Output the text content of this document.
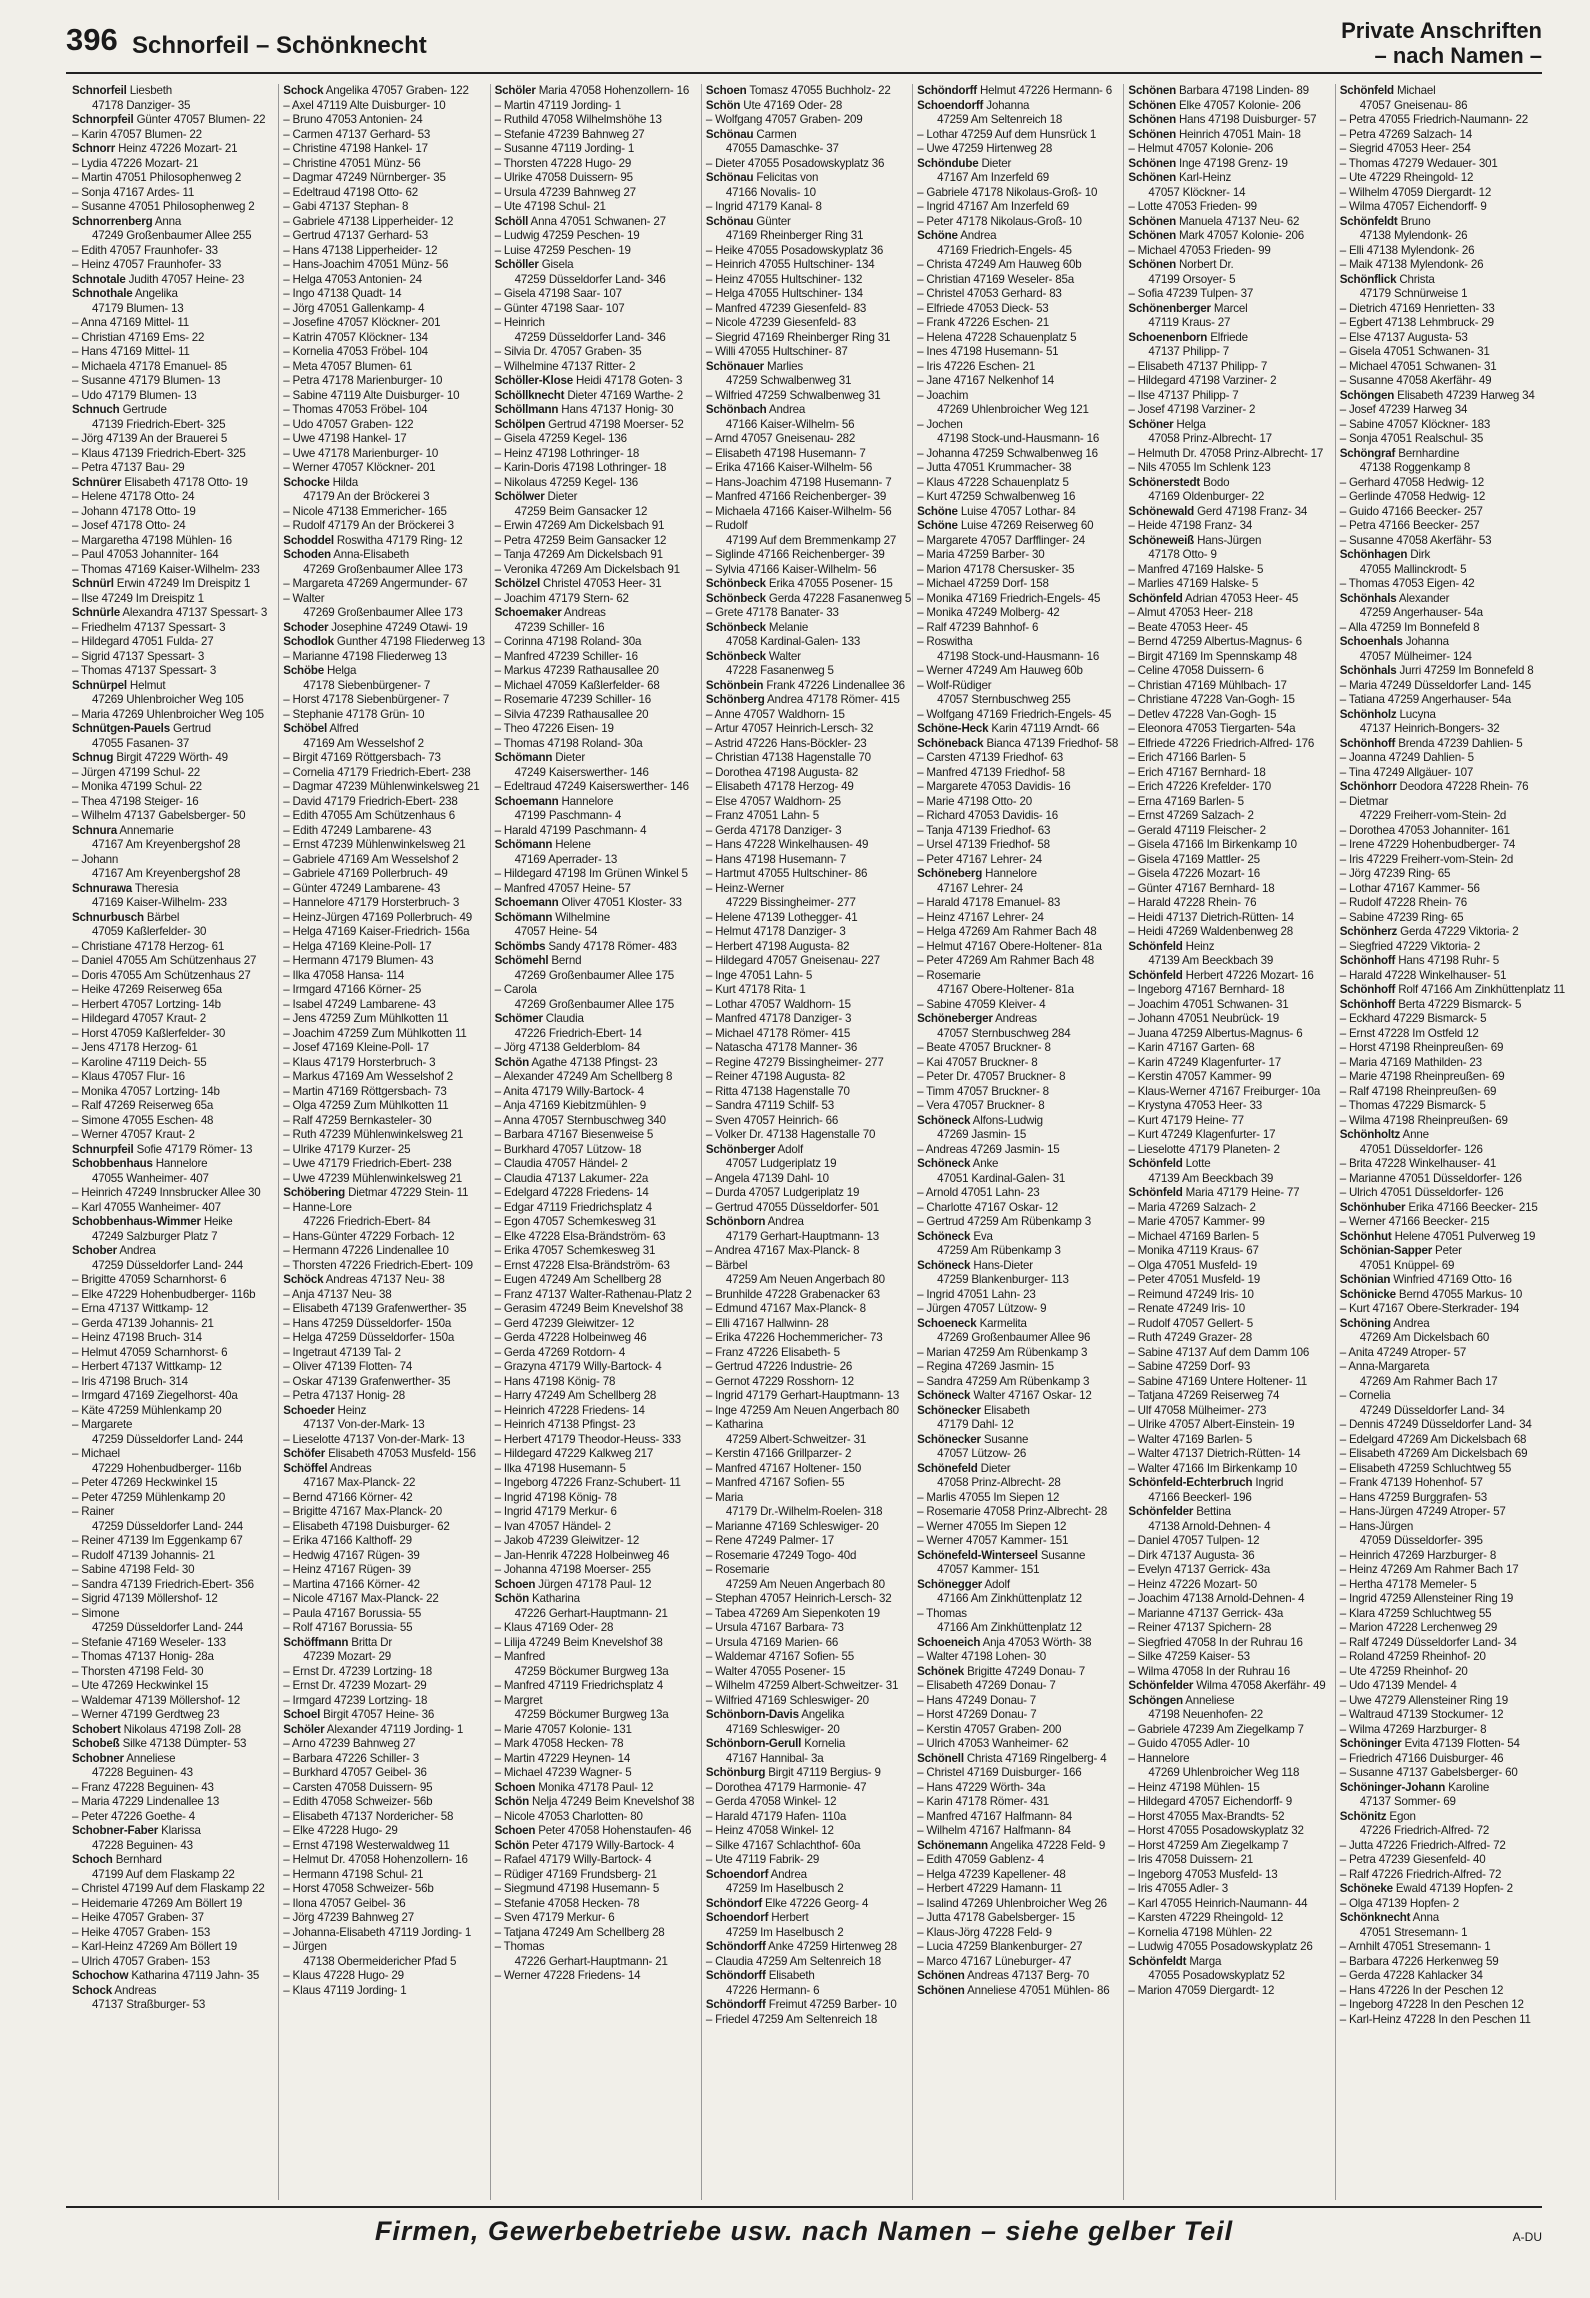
396 Schnorfeil – Schönknecht
Private Anschriften
– nach Namen –
Schnorfeil Liesbeth
47178 Danziger- 35
Schnorpfeil Günter 47057 Blumen- 22
– Karin 47057 Blumen- 22
Schnorr Heinz 47226 Mozart- 21
– Lydia 47226 Mozart- 21
– Martin 47051 Philosophenweg 2
– Sonja 47167 Ardes- 11
– Susanne 47051 Philosophenweg 2
Schnorrenberg Anna
47249 Großenbaumer Allee 255
– Edith 47057 Fraunhofer- 33
– Heinz 47057 Fraunhofer- 33
Schnotale Judith 47057 Heine- 23
Schnothale Angelika
47179 Blumen- 13
– Anna 47169 Mittel- 11
– Christian 47169 Ems- 22
– Hans 47169 Mittel- 11
– Michaela 47178 Emanuel- 85
– Susanne 47179 Blumen- 13
– Udo 47179 Blumen- 13
Schnuch Gertrude
47139 Friedrich-Ebert- 325
– Jörg 47139 An der Brauerei 5
– Klaus 47139 Friedrich-Ebert- 325
– Petra 47137 Bau- 29
Schnürer Elisabeth 47178 Otto- 19
– Helene 47178 Otto- 24
– Johann 47178 Otto- 19
– Josef 47178 Otto- 24
– Margaretha 47198 Mühlen- 16
– Paul 47053 Johanniter- 164
– Thomas 47169 Kaiser-Wilhelm- 233
Schnürl Erwin 47249 Im Dreispitz 1
– Ilse 47249 Im Dreispitz 1
Schnürle Alexandra 47137 Spessart- 3
– Friedhelm 47137 Spessart- 3
– Hildegard 47051 Fulda- 27
– Sigrid 47137 Spessart- 3
– Thomas 47137 Spessart- 3
Schnürpel Helmut
47269 Uhlenbroicher Weg 105
– Maria 47269 Uhlenbroicher Weg 105
Schnütgen-Pauels Gertrud
47055 Fasanen- 37
Schnug Birgit 47229 Wörth- 49
– Jürgen 47199 Schul- 22
– Monika 47199 Schul- 22
– Thea 47198 Steiger- 16
– Wilhelm 47137 Gabelsberger- 50
Schnura Annemarie
47167 Am Kreyenbergshof 28
– Johann
47167 Am Kreyenbergshof 28
Schnurawa Theresia
47169 Kaiser-Wilhelm- 233
Schnurbusch Bärbel
47059 Kaßlerfelder- 30
– Christiane 47178 Herzog- 61
– Daniel 47055 Am Schützenhaus 27
– Doris 47055 Am Schützenhaus 27
– Heike 47269 Reiserweg 65a
– Herbert 47057 Lortzing- 14b
– Hildegard 47057 Kraut- 2
– Horst 47059 Kaßlerfelder- 30
– Jens 47178 Herzog- 61
– Karoline 47119 Deich- 55
– Klaus 47057 Flur- 16
– Monika 47057 Lortzing- 14b
– Ralf 47269 Reiserweg 65a
– Simone 47055 Eschen- 48
– Werner 47057 Kraut- 2
Schnurpfeil Sofie 47179 Römer- 13
Schobbenhaus Hannelore
47055 Wanheimer- 407
– Heinrich 47249 Innsbrucker Allee 30
– Karl 47055 Wanheimer- 407
Schobbenhaus-Wimmer Heike
47249 Salzburger Platz 7
Schober Andrea
47259 Düsseldorfer Land- 244
– Brigitte 47059 Scharnhorst- 6
– Elke 47229 Hohenbudberger- 116b
– Erna 47137 Wittkamp- 12
– Gerda 47139 Johannis- 21
– Heinz 47198 Bruch- 314
– Helmut 47059 Scharnhorst- 6
– Herbert 47137 Wittkamp- 12
– Iris 47198 Bruch- 314
– Irmgard 47169 Ziegelhorst- 40a
– Käte 47259 Mühlenkamp 20
– Margarete
47259 Düsseldorfer Land- 244
– Michael
47229 Hohenbudberger- 116b
– Peter 47269 Heckwinkel 15
– Peter 47259 Mühlenkamp 20
– Rainer
47259 Düsseldorfer Land- 244
– Reiner 47139 Im Eggenkamp 67
– Rudolf 47139 Johannis- 21
– Sabine 47198 Feld- 30
– Sandra 47139 Friedrich-Ebert- 356
– Sigrid 47139 Möllershof- 12
– Simone
47259 Düsseldorfer Land- 244
– Stefanie 47169 Weseler- 133
– Thomas 47137 Honig- 28a
– Thorsten 47198 Feld- 30
– Ute 47269 Heckwinkel 15
– Waldemar 47139 Möllershof- 12
– Werner 47199 Gerdtweg 23
Schobert Nikolaus 47198 Zoll- 28
Schobeß Silke 47138 Dümpter- 53
Schobner Anneliese
47228 Beguinen- 43
– Franz 47228 Beguinen- 43
– Maria 47229 Lindenallee 13
– Peter 47226 Goethe- 4
Schobner-Faber Klarissa
47228 Beguinen- 43
Schoch Bernhard
47199 Auf dem Flaskamp 22
– Christel 47199 Auf dem Flaskamp 22
– Heidemarie 47269 Am Böllert 19
– Heike 47057 Graben- 37
– Heike 47057 Graben- 153
– Karl-Heinz 47269 Am Böllert 19
– Ulrich 47057 Graben- 153
Schochow Katharina 47119 Jahn- 35
Schock Andreas
47137 Straßburger- 53
Schock Angelika 47057 Graben- 122
– Axel 47119 Alte Duisburger- 10
– Bruno 47053 Antonien- 24
– Carmen 47137 Gerhard- 53
– Christine 47198 Hankel- 17
– Christine 47051 Münz- 56
– Dagmar 47249 Nürnberger- 35
– Edeltraud 47198 Otto- 62
– Gabi 47137 Stephan- 8
– Gabriele 47138 Lipperheider- 12
– Gertrud 47137 Gerhard- 53
– Hans 47138 Lipperheider- 12
– Hans-Joachim 47051 Münz- 56
– Helga 47053 Antonien- 24
– Ingo 47138 Quadt- 14
– Jörg 47051 Gallenkamp- 4
– Josefine 47057 Klöckner- 201
– Katrin 47057 Klöckner- 134
– Kornelia 47053 Fröbel- 104
– Meta 47057 Blumen- 61
– Petra 47178 Marienburger- 10
– Sabine 47119 Alte Duisburger- 10
– Thomas 47053 Fröbel- 104
– Udo 47057 Graben- 122
– Uwe 47198 Hankel- 17
– Uwe 47178 Marienburger- 10
– Werner 47057 Klöckner- 201
Schocke Hilda
47179 An der Bröckerei 3
– Nicole 47138 Emmericher- 165
– Rudolf 47179 An der Bröckerei 3
Schoddel Roswitha 47179 Ring- 12
Schoden Anna-Elisabeth
47269 Großenbaumer Allee 173
– Margareta 47269 Angermunder- 67
– Walter
47269 Großenbaumer Allee 173
Schoder Josephine 47249 Otawi- 19
Schodlok Gunther 47198 Fliederweg 13
– Marianne 47198 Fliederweg 13
Schöbe Helga
47178 Siebenbürgener- 7
– Horst 47178 Siebenbürgener- 7
– Stephanie 47178 Grün- 10
Schöbel Alfred
47169 Am Wesselshof 2
– Birgit 47169 Röttgersbach- 73
– Cornelia 47179 Friedrich-Ebert- 238
– Dagmar 47239 Mühlenwinkelsweg 21
– David 47179 Friedrich-Ebert- 238
– Edith 47055 Am Schützenhaus 6
– Edith 47249 Lambarene- 43
– Ernst 47239 Mühlenwinkelsweg 21
– Gabriele 47169 Am Wesselshof 2
– Gabriele 47169 Pollerbruch- 49
– Günter 47249 Lambarene- 43
– Hannelore 47179 Horsterbruch- 3
– Heinz-Jürgen 47169 Pollerbruch- 49
– Helga 47169 Kaiser-Friedrich- 156a
– Helga 47169 Kleine-Poll- 17
– Hermann 47179 Blumen- 43
– Ilka 47058 Hansa- 114
– Irmgard 47166 Körner- 25
– Isabel 47249 Lambarene- 43
– Jens 47259 Zum Mühlkotten 11
– Joachim 47259 Zum Mühlkotten 11
– Josef 47169 Kleine-Poll- 17
– Klaus 47179 Horsterbruch- 3
– Markus 47169 Am Wesselshof 2
– Martin 47169 Röttgersbach- 73
– Olga 47259 Zum Mühlkotten 11
– Ralf 47259 Bernkasteler- 30
– Ruth 47239 Mühlenwinkelsweg 21
– Ulrike 47179 Kurzer- 25
– Uwe 47179 Friedrich-Ebert- 238
– Uwe 47239 Mühlenwinkelsweg 21
Schöbering Dietmar 47229 Stein- 11
– Hanne-Lore
47226 Friedrich-Ebert- 84
– Hans-Günter 47229 Forbach- 12
– Hermann 47226 Lindenallee 10
– Thorsten 47226 Friedrich-Ebert- 109
Schöck Andreas 47137 Neu- 38
– Anja 47137 Neu- 38
– Elisabeth 47139 Grafenwerther- 35
– Hans 47259 Düsseldorfer- 150a
– Helga 47259 Düsseldorfer- 150a
– Ingetraut 47139 Tal- 2
– Oliver 47139 Flotten- 74
– Oskar 47139 Grafenwerther- 35
– Petra 47137 Honig- 28
Schoeder Heinz
47137 Von-der-Mark- 13
– Lieselotte 47137 Von-der-Mark- 13
Schöfer Elisabeth 47053 Musfeld- 156
Schöffel Andreas
47167 Max-Planck- 22
– Bernd 47166 Körner- 42
– Brigitte 47167 Max-Planck- 20
– Elisabeth 47198 Duisburger- 62
– Erika 47166 Kalthoff- 29
– Hedwig 47167 Rügen- 39
– Heinz 47167 Rügen- 39
– Martina 47166 Körner- 42
– Nicole 47167 Max-Planck- 22
– Paula 47167 Borussia- 55
– Rolf 47167 Borussia- 55
Schöffmann Britta Dr
47239 Mozart- 29
– Ernst Dr. 47239 Lortzing- 18
– Ernst Dr. 47239 Mozart- 29
– Irmgard 47239 Lortzing- 18
Schoel Birgit 47057 Heine- 36
Schöler Alexander 47119 Jording- 1
– Arno 47239 Bahnweg 27
– Barbara 47226 Schiller- 3
– Burkhard 47057 Geibel- 36
– Carsten 47058 Duissern- 95
– Edith 47058 Schweizer- 56b
– Elisabeth 47137 Nordericher- 58
– Elke 47228 Hugo- 29
– Ernst 47198 Westerwaldweg 11
– Helmut Dr. 47058 Hohenzollern- 16
– Hermann 47198 Schul- 21
– Horst 47058 Schweizer- 56b
– Ilona 47057 Geibel- 36
– Jörg 47239 Bahnweg 27
– Johanna-Elisabeth 47119 Jording- 1
– Jürgen
47138 Obermeidericher Pfad 5
– Klaus 47228 Hugo- 29
– Klaus 47119 Jording- 1
Schöler Maria 47058 Hohenzollern- 16
– Martin 47119 Jording- 1
– Ruthild 47058 Wilhelmshöhe 13
– Stefanie 47239 Bahnweg 27
– Susanne 47119 Jording- 1
– Thorsten 47228 Hugo- 29
– Ulrike 47058 Duissern- 95
– Ursula 47239 Bahnweg 27
– Ute 47198 Schul- 21
Schöll Anna 47051 Schwanen- 27
– Ludwig 47259 Peschen- 19
– Luise 47259 Peschen- 19
Schöller Gisela
47259 Düsseldorfer Land- 346
– Gisela 47198 Saar- 107
– Günter 47198 Saar- 107
– Heinrich
47259 Düsseldorfer Land- 346
– Silvia Dr. 47057 Graben- 35
– Wilhelmine 47137 Ritter- 2
Schöller-Klose Heidi 47178 Goten- 3
Schöllknecht Dieter 47169 Warthe- 2
Schöllmann Hans 47137 Honig- 30
Schölpen Gertrud 47198 Moerser- 52
– Gisela 47259 Kegel- 136
– Heinz 47198 Lothringer- 18
– Karin-Doris 47198 Lothringer- 18
– Nikolaus 47259 Kegel- 136
Schölwer Dieter
47259 Beim Gansacker 12
– Erwin 47269 Am Dickelsbach 91
– Petra 47259 Beim Gansacker 12
– Tanja 47269 Am Dickelsbach 91
– Veronika 47269 Am Dickelsbach 91
Schölzel Christel 47053 Heer- 31
– Joachim 47179 Stern- 62
Schoemaker Andreas
47239 Schiller- 16
– Corinna 47198 Roland- 30a
– Manfred 47239 Schiller- 16
– Markus 47239 Rathausallee 20
– Michael 47059 Kaßlerfelder- 68
– Rosemarie 47239 Schiller- 16
– Silvia 47239 Rathausallee 20
– Theo 47226 Eisen- 19
– Thomas 47198 Roland- 30a
Schömann Dieter
47249 Kaiserswerther- 146
– Edeltraud 47249 Kaiserswerther- 146
Schoemann Hannelore
47199 Paschmann- 4
– Harald 47199 Paschmann- 4
Schömann Helene
47169 Aperrader- 13
– Hildegard 47198 Im Grünen Winkel 5
– Manfred 47057 Heine- 57
Schoemann Oliver 47051 Kloster- 33
Schömann Wilhelmine
47057 Heine- 54
Schömbs Sandy 47178 Römer- 483
Schömehl Bernd
47269 Großenbaumer Allee 175
– Carola
47269 Großenbaumer Allee 175
Schömer Claudia
47226 Friedrich-Ebert- 14
– Jörg 47138 Gelderblom- 84
Schön Agathe 47138 Pfingst- 23
– Alexander 47249 Am Schellberg 8
– Anita 47179 Willy-Bartock- 4
– Anja 47169 Kiebitzmühlen- 9
– Anna 47057 Sternbuschweg 340
– Barbara 47167 Biesenweise 5
– Burkhard 47057 Lützow- 18
– Claudia 47057 Händel- 2
– Claudia 47137 Lakumer- 22a
– Edelgard 47228 Friedens- 14
– Edgar 47119 Friedrichsplatz 4
– Egon 47057 Schemkesweg 31
– Elke 47228 Elsa-Brändström- 63
– Erika 47057 Schemkesweg 31
– Ernst 47228 Elsa-Brändström- 63
– Eugen 47249 Am Schellberg 28
– Franz 47137 Walter-Rathenau-Platz 2
– Gerasim 47249 Beim Knevelshof 38
– Gerd 47239 Gleiwitzer- 12
– Gerda 47228 Holbeinweg 46
– Gerda 47269 Rotdorn- 4
– Grazyna 47179 Willy-Bartock- 4
– Hans 47198 König- 78
– Harry 47249 Am Schellberg 28
– Heinrich 47228 Friedens- 14
– Heinrich 47138 Pfingst- 23
– Herbert 47179 Theodor-Heuss- 333
– Hildegard 47229 Kalkweg 217
– Ilka 47198 Husemann- 5
– Ingeborg 47226 Franz-Schubert- 11
– Ingrid 47198 König- 78
– Ingrid 47179 Merkur- 6
– Ivan 47057 Händel- 2
– Jakob 47239 Gleiwitzer- 12
– Jan-Henrik 47228 Holbeinweg 46
– Johanna 47198 Moerser- 255
Schoen Jürgen 47178 Paul- 12
Schön Katharina
47226 Gerhart-Hauptmann- 21
– Klaus 47169 Oder- 28
– Lilija 47249 Beim Knevelshof 38
– Manfred
47259 Böckumer Burgweg 13a
– Manfred 47119 Friedrichsplatz 4
– Margret
47259 Böckumer Burgweg 13a
– Marie 47057 Kolonie- 131
– Mark 47058 Hecken- 78
– Martin 47229 Heynen- 14
– Michael 47239 Wagner- 5
Schoen Monika 47178 Paul- 12
Schön Nelja 47249 Beim Knevelshof 38
– Nicole 47053 Charlotten- 80
Schoen Peter 47058 Hohenstaufen- 46
Schön Peter 47179 Willy-Bartock- 4
– Rafael 47179 Willy-Bartock- 4
– Rüdiger 47169 Frundsberg- 21
– Siegmund 47198 Husemann- 5
– Stefanie 47058 Hecken- 78
– Sven 47179 Merkur- 6
– Tatjana 47249 Am Schellberg 28
– Thomas
47226 Gerhart-Hauptmann- 21
– Werner 47228 Friedens- 14
Schoen Tomasz 47055 Buchholz- 22
Schön Ute 47169 Oder- 28
– Wolfgang 47057 Graben- 209
Schönau Carmen
47055 Damaschke- 37
– Dieter 47055 Posadowskyplatz 36
Schönau Felicitas von
47166 Novalis- 10
– Ingrid 47179 Kanal- 8
Schönau Günter
47169 Rheinberger Ring 31
– Heike 47055 Posadowskyplatz 36
– Heinrich 47055 Hultschiner- 134
– Heinz 47055 Hultschiner- 132
– Helga 47055 Hultschiner- 134
– Manfred 47239 Giesenfeld- 83
– Nicole 47239 Giesenfeld- 83
– Siegrid 47169 Rheinberger Ring 31
– Willi 47055 Hultschiner- 87
Schönauer Marlies
47259 Schwalbenweg 31
– Wilfried 47259 Schwalbenweg 31
Schönbach Andrea
47166 Kaiser-Wilhelm- 56
– Arnd 47057 Gneisenau- 282
– Elisabeth 47198 Husemann- 7
– Erika 47166 Kaiser-Wilhelm- 56
– Hans-Joachim 47198 Husemann- 7
– Manfred 47166 Reichenberger- 39
– Michaela 47166 Kaiser-Wilhelm- 56
– Rudolf
47199 Auf dem Bremmenkamp 27
– Siglinde 47166 Reichenberger- 39
– Sylvia 47166 Kaiser-Wilhelm- 56
Schönbeck Erika 47055 Posener- 15
Schönbeck Gerda 47228 Fasanenweg 5
– Grete 47178 Banater- 33
Schönbeck Melanie
47058 Kardinal-Galen- 133
Schönbeck Walter
47228 Fasanenweg 5
Schönbein Frank 47226 Lindenallee 36
Schönberg Andrea 47178 Römer- 415
– Anne 47057 Waldhorn- 15
– Artur 47057 Heinrich-Lersch- 32
– Astrid 47226 Hans-Böckler- 23
– Christian 47138 Hagenstalle 70
– Dorothea 47198 Augusta- 82
– Elisabeth 47178 Herzog- 49
– Else 47057 Waldhorn- 25
– Franz 47051 Lahn- 5
– Gerda 47178 Danziger- 3
– Hans 47228 Winkelhausen- 49
– Hans 47198 Husemann- 7
– Hartmut 47055 Hultschiner- 86
– Heinz-Werner
47229 Bissingheimer- 277
– Helene 47139 Lothegger- 41
– Helmut 47178 Danziger- 3
– Herbert 47198 Augusta- 82
– Hildegard 47057 Gneisenau- 227
– Inge 47051 Lahn- 5
– Kurt 47178 Rita- 1
– Lothar 47057 Waldhorn- 15
– Manfred 47178 Danziger- 3
– Michael 47178 Römer- 415
– Natascha 47178 Manner- 36
– Regine 47279 Bissingheimer- 277
– Reiner 47198 Augusta- 82
– Ritta 47138 Hagenstalle 70
– Sandra 47119 Schilf- 53
– Sven 47057 Heinrich- 66
– Volker Dr. 47138 Hagenstalle 70
Schönberger Adolf
47057 Ludgeriplatz 19
– Angela 47139 Dahl- 10
– Durda 47057 Ludgeriplatz 19
– Gertrud 47055 Düsseldorfer- 501
Schönborn Andrea
47179 Gerhart-Hauptmann- 13
– Andrea 47167 Max-Planck- 8
– Bärbel
47259 Am Neuen Angerbach 80
– Brunhilde 47228 Grabenacker 63
– Edmund 47167 Max-Planck- 8
– Elli 47167 Hallwinn- 28
– Erika 47226 Hochemmericher- 73
– Franz 47226 Elisabeth- 5
– Gertrud 47226 Industrie- 26
– Gernot 47229 Rosshorn- 12
– Ingrid 47179 Gerhart-Hauptmann- 13
– Inge 47259 Am Neuen Angerbach 80
– Katharina
47259 Albert-Schweitzer- 31
– Kerstin 47166 Grillparzer- 2
– Manfred 47167 Holtener- 150
– Manfred 47167 Sofien- 55
– Maria
47179 Dr.-Wilhelm-Roelen- 318
– Marianne 47169 Schleswiger- 20
– Rene 47249 Palmer- 17
– Rosemarie 47249 Togo- 40d
– Rosemarie
47259 Am Neuen Angerbach 80
– Stephan 47057 Heinrich-Lersch- 32
– Tabea 47269 Am Siepenkoten 19
– Ursula 47167 Barbara- 73
– Ursula 47169 Marien- 66
– Waldemar 47167 Sofien- 55
– Walter 47055 Posener- 15
– Wilhelm 47259 Albert-Schweitzer- 31
– Wilfried 47169 Schleswiger- 20
Schönborn-Davis Angelika
47169 Schleswiger- 20
Schönborn-Gerull Kornelia
47167 Hannibal- 3a
Schönburg Birgit 47119 Bergius- 9
– Dorothea 47179 Harmonie- 47
– Gerda 47058 Winkel- 12
– Harald 47179 Hafen- 110a
– Heinz 47058 Winkel- 12
– Silke 47167 Schlachthof- 60a
– Ute 47119 Fabrik- 29
Schoendorf Andrea
47259 Im Haselbusch 2
Schöndorf Elke 47226 Georg- 4
Schoendorf Herbert
47259 Im Haselbusch 2
Schöndorff Anke 47259 Hirtenweg 28
– Claudia 47259 Am Seltenreich 18
Schöndorff Elisabeth
47226 Hermann- 6
Schöndorff Freimut 47259 Barber- 10
– Friedel 47259 Am Seltenreich 18
Schöndorff Helmut 47226 Hermann- 6
Schoendorff Johanna
47259 Am Seltenreich 18
– Lothar 47259 Auf dem Hunsrück 1
– Uwe 47259 Hirtenweg 28
Schöndube Dieter
47167 Am Inzerfeld 69
– Gabriele 47178 Nikolaus-Groß- 10
– Ingrid 47167 Am Inzerfeld 69
– Peter 47178 Nikolaus-Groß- 10
Schöne Andrea
47169 Friedrich-Engels- 45
– Christa 47249 Am Hauweg 60b
– Christian 47169 Weseler- 85a
– Christel 47053 Gerhard- 83
– Elfriede 47053 Dieck- 53
– Frank 47226 Eschen- 21
– Helena 47228 Schauenplatz 5
– Ines 47198 Husemann- 51
– Iris 47226 Eschen- 21
– Jane 47167 Nelkenhof 14
– Joachim
47269 Uhlenbroicher Weg 121
– Jochen
47198 Stock-und-Hausmann- 16
– Johanna 47259 Schwalbenweg 16
– Jutta 47051 Krummacher- 38
– Klaus 47228 Schauenplatz 5
– Kurt 47259 Schwalbenweg 16
Schöne Luise 47057 Lothar- 84
Schöne Luise 47269 Reiserweg 60
– Margarete 47057 Darfflinger- 24
– Maria 47259 Barber- 30
– Marion 47178 Chersusker- 35
– Michael 47259 Dorf- 158
– Monika 47169 Friedrich-Engels- 45
– Monika 47249 Molberg- 42
– Ralf 47239 Bahnhof- 6
– Roswitha
47198 Stock-und-Hausmann- 16
– Werner 47249 Am Hauweg 60b
– Wolf-Rüdiger
47057 Sternbuschweg 255
– Wolfgang 47169 Friedrich-Engels- 45
Schöne-Heck Karin 47119 Arndt- 66
Schöneback Bianca 47139 Friedhof- 58
– Carsten 47139 Friedhof- 63
– Manfred 47139 Friedhof- 58
– Margarete 47053 Davidis- 16
– Marie 47198 Otto- 20
– Richard 47053 Davidis- 16
– Tanja 47139 Friedhof- 63
– Ursel 47139 Friedhof- 58
– Peter 47167 Lehrer- 24
Schöneberg Hannelore
47167 Lehrer- 24
– Harald 47178 Emanuel- 83
– Heinz 47167 Lehrer- 24
– Helga 47269 Am Rahmer Bach 48
– Helmut 47167 Obere-Holtener- 81a
– Peter 47269 Am Rahmer Bach 48
– Rosemarie
47167 Obere-Holtener- 81a
– Sabine 47059 Kleiver- 4
Schöneberger Andreas
47057 Sternbuschweg 284
– Beate 47057 Bruckner- 8
– Kai 47057 Bruckner- 8
– Peter Dr. 47057 Bruckner- 8
– Timm 47057 Bruckner- 8
– Vera 47057 Bruckner- 8
Schöneck Alfons-Ludwig
47269 Jasmin- 15
– Andreas 47269 Jasmin- 15
Schöneck Anke
47051 Kardinal-Galen- 31
– Arnold 47051 Lahn- 23
– Charlotte 47167 Oskar- 12
– Gertrud 47259 Am Rübenkamp 3
Schöneck Eva
47259 Am Rübenkamp 3
Schöneck Hans-Dieter
47259 Blankenburger- 113
– Ingrid 47051 Lahn- 23
– Jürgen 47057 Lützow- 9
Schoeneck Karmelita
47269 Großenbaumer Allee 96
– Marian 47259 Am Rübenkamp 3
– Regina 47269 Jasmin- 15
– Sandra 47259 Am Rübenkamp 3
Schöneck Walter 47167 Oskar- 12
Schönecker Elisabeth
47179 Dahl- 12
Schönecker Susanne
47057 Lützow- 26
Schönefeld Dieter
47058 Prinz-Albrecht- 28
– Marlis 47055 Im Siepen 12
– Rosemarie 47058 Prinz-Albrecht- 28
– Werner 47055 Im Siepen 12
– Werner 47057 Kammer- 151
Schönefeld-Winterseel Susanne
47057 Kammer- 151
Schönegger Adolf
47166 Am Zinkhüttenplatz 12
– Thomas
47166 Am Zinkhüttenplatz 12
Schoeneich Anja 47053 Wörth- 38
– Walter 47198 Lohen- 30
Schönek Brigitte 47249 Donau- 7
– Elisabeth 47269 Donau- 7
– Hans 47249 Donau- 7
– Horst 47269 Donau- 7
– Kerstin 47057 Graben- 200
– Ulrich 47053 Wanheimer- 62
Schönell Christa 47169 Ringelberg- 4
– Christel 47169 Duisburger- 166
– Hans 47229 Wörth- 34a
– Karin 47178 Römer- 431
– Manfred 47167 Halfmann- 84
– Wilhelm 47167 Halfmann- 84
Schönemann Angelika 47228 Feld- 9
– Edith 47059 Gablenz- 4
– Helga 47239 Kapellener- 48
– Herbert 47229 Hamann- 11
– Isalind 47269 Uhlenbroicher Weg 26
– Jutta 47178 Gabelsberger- 15
– Klaus-Jörg 47228 Feld- 9
– Lucia 47259 Blankenburger- 27
– Marco 47167 Lüneburger- 47
Schönen Andreas 47137 Berg- 70
Schönen Anneliese 47051 Mühlen- 86
Schönen Barbara 47198 Linden- 89
Schönen Elke 47057 Kolonie- 206
Schönen Hans 47198 Duisburger- 57
Schönen Heinrich 47051 Main- 18
– Helmut 47057 Kolonie- 206
Schönen Inge 47198 Grenz- 19
Schönen Karl-Heinz
47057 Klöckner- 14
– Lotte 47053 Frieden- 99
Schönen Manuela 47137 Neu- 62
Schönen Mark 47057 Kolonie- 206
– Michael 47053 Frieden- 99
Schönen Norbert Dr.
47199 Orsoyer- 5
– Sofia 47239 Tulpen- 37
Schönenberger Marcel
47119 Kraus- 27
Schoenenborn Elfriede
47137 Philipp- 7
– Elisabeth 47137 Philipp- 7
– Hildegard 47198 Varziner- 2
– Ilse 47137 Philipp- 7
– Josef 47198 Varziner- 2
Schöner Helga
47058 Prinz-Albrecht- 17
– Helmuth Dr. 47058 Prinz-Albrecht- 17
– Nils 47055 Im Schlenk 123
Schönerstedt Bodo
47169 Oldenburger- 22
Schönewald Gerd 47198 Franz- 34
– Heide 47198 Franz- 34
Schöneweiß Hans-Jürgen
47178 Otto- 9
– Manfred 47169 Halske- 5
– Marlies 47169 Halske- 5
Schönfeld Adrian 47053 Heer- 45
– Almut 47053 Heer- 218
– Beate 47053 Heer- 45
– Bernd 47259 Albertus-Magnus- 6
– Birgit 47169 Im Spennskamp 48
– Celine 47058 Duissern- 6
– Christian 47169 Mühlbach- 17
– Christiane 47228 Van-Gogh- 15
– Detlev 47228 Van-Gogh- 15
– Eleonora 47053 Tiergarten- 54a
– Elfriede 47226 Friedrich-Alfred- 176
– Erich 47166 Barlen- 5
– Erich 47167 Bernhard- 18
– Erich 47226 Krefelder- 170
– Erna 47169 Barlen- 5
– Ernst 47269 Salzach- 2
– Gerald 47119 Fleischer- 2
– Gisela 47166 Im Birkenkamp 10
– Gisela 47169 Mattler- 25
– Gisela 47226 Mozart- 16
– Günter 47167 Bernhard- 18
– Harald 47228 Rhein- 76
– Heidi 47137 Dietrich-Rütten- 14
– Heidi 47269 Waldenbenweg 28
Schönfeld Heinz
47139 Am Beeckbach 39
Schönfeld Herbert 47226 Mozart- 16
– Ingeborg 47167 Bernhard- 18
– Joachim 47051 Schwanen- 31
– Johann 47051 Neubrück- 19
– Juana 47259 Albertus-Magnus- 6
– Karin 47167 Garten- 68
– Karin 47249 Klagenfurter- 17
– Kerstin 47057 Kammer- 99
– Klaus-Werner 47167 Freiburger- 10a
– Krystyna 47053 Heer- 33
– Kurt 47179 Heine- 77
– Kurt 47249 Klagenfurter- 17
– Lieselotte 47179 Planeten- 2
Schönfeld Lotte
47139 Am Beeckbach 39
Schönfeld Maria 47179 Heine- 77
– Maria 47269 Salzach- 2
– Marie 47057 Kammer- 99
– Michael 47169 Barlen- 5
– Monika 47119 Kraus- 67
– Olga 47051 Musfeld- 19
– Peter 47051 Musfeld- 19
– Reimund 47249 Iris- 10
– Renate 47249 Iris- 10
– Rudolf 47057 Gellert- 5
– Ruth 47249 Grazer- 28
– Sabine 47137 Auf dem Damm 106
– Sabine 47259 Dorf- 93
– Sabine 47169 Untere Holtener- 11
– Tatjana 47269 Reiserweg 74
– Ulf 47058 Mülheimer- 273
– Ulrike 47057 Albert-Einstein- 19
– Walter 47169 Barlen- 5
– Walter 47137 Dietrich-Rütten- 14
– Walter 47166 Im Birkenkamp 10
Schönfeld-Echterbruch Ingrid
47166 Beeckerl- 196
Schönfelder Bettina
47138 Arnold-Dehnen- 4
– Daniel 47057 Tulpen- 12
– Dirk 47137 Augusta- 36
– Evelyn 47137 Gerrick- 43a
– Heinz 47226 Mozart- 50
– Joachim 47138 Arnold-Dehnen- 4
– Marianne 47137 Gerrick- 43a
– Reiner 47137 Spichern- 28
– Siegfried 47058 In der Ruhrau 16
– Silke 47259 Kaiser- 53
– Wilma 47058 In der Ruhrau 16
Schönfelder Wilma 47058 Akerfähr- 49
Schöngen Anneliese
47198 Neuenhofen- 22
– Gabriele 47239 Am Ziegelkamp 7
– Guido 47055 Adler- 10
– Hannelore
47269 Uhlenbroicher Weg 118
– Heinz 47198 Mühlen- 15
– Hildegard 47057 Eichendorff- 9
– Horst 47055 Max-Brandts- 52
– Horst 47055 Posadowskyplatz 32
– Horst 47259 Am Ziegelkamp 7
– Iris 47058 Duissern- 21
– Ingeborg 47053 Musfeld- 13
– Iris 47055 Adler- 3
– Karl 47055 Heinrich-Naumann- 44
– Karsten 47229 Rheingold- 12
– Kornelia 47198 Mühlen- 22
– Ludwig 47055 Posadowskyplatz 26
Schönfeldt Marga
47055 Posadowskyplatz 52
– Marion 47059 Diergardt- 12
Schönfeld Michael
47057 Gneisenau- 86
– Petra 47055 Friedrich-Naumann- 22
– Petra 47269 Salzach- 14
– Siegrid 47053 Heer- 254
– Thomas 47279 Wedauer- 301
– Ute 47229 Rheingold- 12
– Wilhelm 47059 Diergardt- 12
– Wilma 47057 Eichendorff- 9
Schönfeldt Bruno
47138 Mylendonk- 26
– Elli 47138 Mylendonk- 26
– Maik 47138 Mylendonk- 26
Schönflick Christa
47179 Schnürweise 1
– Dietrich 47169 Henrietten- 33
– Egbert 47138 Lehmbruck- 29
– Else 47137 Augusta- 53
– Gisela 47051 Schwanen- 31
– Michael 47051 Schwanen- 31
– Susanne 47058 Akerfähr- 49
Schöngen Elisabeth 47239 Harweg 34
– Josef 47239 Harweg 34
– Sabine 47057 Klöckner- 183
– Sonja 47051 Realschul- 35
Schöngraf Bernhardine
47138 Roggenkamp 8
– Gerhard 47058 Hedwig- 12
– Gerlinde 47058 Hedwig- 12
– Guido 47166 Beecker- 257
– Petra 47166 Beecker- 257
– Susanne 47058 Akerfähr- 53
Schönhagen Dirk
47055 Mallinckrodt- 5
– Thomas 47053 Eigen- 42
Schönhals Alexander
47259 Angerhauser- 54a
– Alla 47259 Im Bonnefeld 8
Schoenhals Johanna
47057 Mülheimer- 124
Schönhals Jurri 47259 Im Bonnefeld 8
– Maria 47249 Düsseldorfer Land- 145
– Tatiana 47259 Angerhauser- 54a
Schönholz Lucyna
47137 Heinrich-Bongers- 32
Schönhoff Brenda 47239 Dahlien- 5
– Joanna 47249 Dahlien- 5
– Tina 47249 Allgäuer- 107
Schönhorr Deodora 47228 Rhein- 76
– Dietmar
47229 Freiherr-vom-Stein- 2d
– Dorothea 47053 Johanniter- 161
– Irene 47229 Hohenbudberger- 74
– Iris 47229 Freiherr-vom-Stein- 2d
– Jörg 47239 Ring- 65
– Lothar 47167 Kammer- 56
– Rudolf 47228 Rhein- 76
– Sabine 47239 Ring- 65
Schönherz Gerda 47229 Viktoria- 2
– Siegfried 47229 Viktoria- 2
Schönhoff Hans 47198 Ruhr- 5
– Harald 47228 Winkelhauser- 51
Schönhoff Rolf 47166 Am Zinkhüttenplatz 11
Schönhoff Berta 47229 Bismarck- 5
– Eckhard 47229 Bismarck- 5
– Ernst 47228 Im Ostfeld 12
– Horst 47198 Rheinpreußen- 69
– Maria 47169 Mathilden- 23
– Marie 47198 Rheinpreußen- 69
– Ralf 47198 Rheinpreußen- 69
– Thomas 47229 Bismarck- 5
– Wilma 47198 Rheinpreußen- 69
Schönholtz Anne
47051 Düsseldorfer- 126
– Brita 47228 Winkelhauser- 41
– Marianne 47051 Düsseldorfer- 126
– Ulrich 47051 Düsseldorfer- 126
Schönhuber Erika 47166 Beecker- 215
– Werner 47166 Beecker- 215
Schönhut Helene 47051 Pulverweg 19
Schönian-Sapper Peter
47051 Knüppel- 69
Schönian Winfried 47169 Otto- 16
Schönicke Bernd 47055 Markus- 10
– Kurt 47167 Obere-Sterkrader- 194
Schöning Andrea
47269 Am Dickelsbach 60
– Anita 47249 Atroper- 57
– Anna-Margareta
47269 Am Rahmer Bach 17
– Cornelia
47249 Düsseldorfer Land- 34
– Dennis 47249 Düsseldorfer Land- 34
– Edelgard 47269 Am Dickelsbach 68
– Elisabeth 47269 Am Dickelsbach 69
– Elisabeth 47259 Schluchtweg 55
– Frank 47139 Hohenhof- 57
– Hans 47259 Burggrafen- 53
– Hans-Jürgen 47249 Atroper- 57
– Hans-Jürgen
47059 Düsseldorfer- 395
– Heinrich 47269 Harzburger- 8
– Heinz 47269 Am Rahmer Bach 17
– Hertha 47178 Memeler- 5
– Ingrid 47259 Allensteiner Ring 19
– Klara 47259 Schluchtweg 55
– Marion 47228 Lerchenweg 29
– Ralf 47249 Düsseldorfer Land- 34
– Roland 47259 Rheinhof- 20
– Ute 47259 Rheinhof- 20
– Udo 47139 Mendel- 4
– Uwe 47279 Allensteiner Ring 19
– Waltraud 47139 Stockumer- 12
– Wilma 47269 Harzburger- 8
Schöninger Evita 47139 Flotten- 54
– Friedrich 47166 Duisburger- 46
– Susanne 47137 Gabelsberger- 60
Schöninger-Johann Karoline
47137 Sommer- 69
Schönitz Egon
47226 Friedrich-Alfred- 72
– Jutta 47226 Friedrich-Alfred- 72
– Petra 47239 Giesenfeld- 40
– Ralf 47226 Friedrich-Alfred- 72
Schöneke Ewald 47139 Hopfen- 2
– Olga 47139 Hopfen- 2
Schönknecht Anna
47051 Stresemann- 1
– Arnhilt 47051 Stresemann- 1
– Barbara 47226 Herkenweg 59
– Gerda 47228 Kahlacker 34
– Hans 47226 In der Peschen 12
– Ingeborg 47228 In den Peschen 12
– Karl-Heinz 47228 In den Peschen 11
Firmen, Gewerbebetriebe usw. nach Namen – siehe gelber Teil	A-DU
